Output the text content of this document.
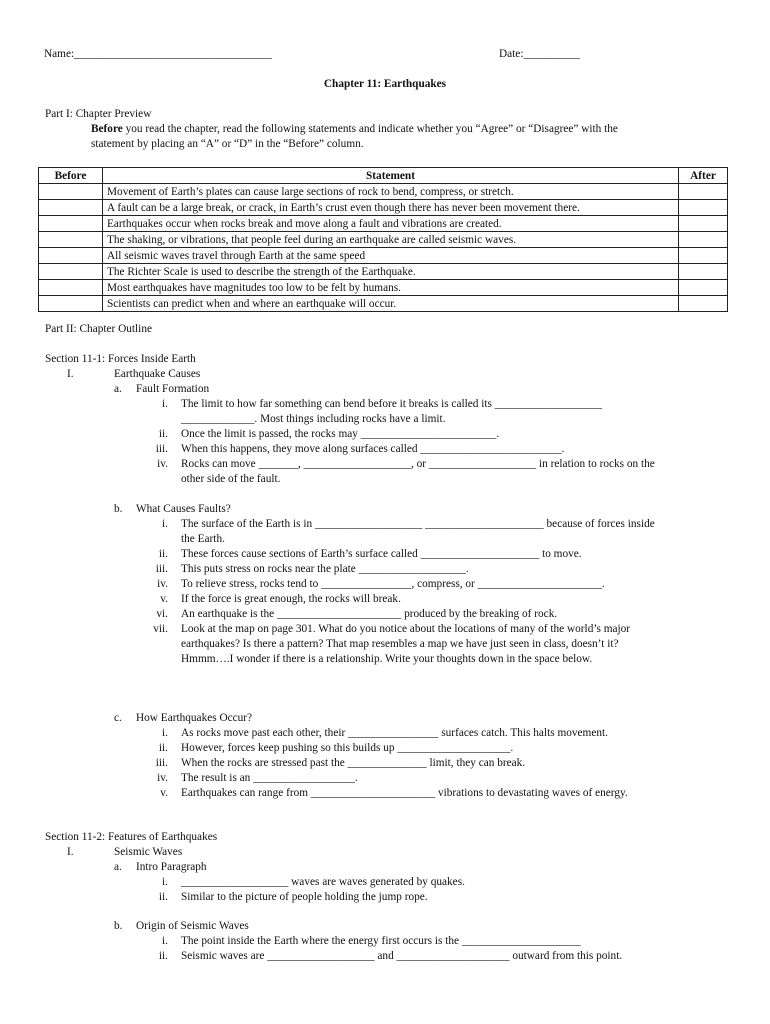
Name:___________________________________	Date:__________
Chapter 11: Earthquakes
Part I: Chapter Preview
Before you read the chapter, read the following statements and indicate whether you “Agree” or “Disagree” with the
statement by placing an “A” or “D” in the “Before” column.
Before	Statement	After
	Movement of Earth’s plates can cause large sections of rock to bend, compress, or stretch.	
	A fault can be a large break, or crack, in Earth’s crust even though there has never been movement there.	
	Earthquakes occur when rocks break and move along a fault and vibrations are created.	
	The shaking, or vibrations, that people feel during an earthquake are called seismic waves.	
	All seismic waves travel through Earth at the same speed	
	The Richter Scale is used to describe the strength of the Earthquake.	
	Most earthquakes have magnitudes too low to be felt by humans.	
	Scientists can predict when and where an earthquake will occur.	
Part II: Chapter Outline
Section 11-1: Forces Inside Earth
I.	Earthquake Causes
a. Fault Formation
i. The limit to how far something can bend before it breaks is called its ___________________
_____________. Most things including rocks have a limit.
ii. Once the limit is passed, the rocks may ________________________.
iii. When this happens, they move along surfaces called _________________________.
iv. Rocks can move _______, ___________________, or ___________________ in relation to rocks on the
other side of the fault.
b. What Causes Faults?
i. The surface of the Earth is in ___________________ _____________________ because of forces inside
the Earth.
ii. These forces cause sections of Earth’s surface called _____________________ to move.
iii. This puts stress on rocks near the plate ___________________.
iv. To relieve stress, rocks tend to ________________, compress, or ______________________.
v. If the force is great enough, the rocks will break.
vi. An earthquake is the ______________________ produced by the breaking of rock.
vii. Look at the map on page 301. What do you notice about the locations of many of the world’s major
earthquakes? Is there a pattern? That map resembles a map we have just seen in class, doesn’t it?
Hmmm….I wonder if there is a relationship. Write your thoughts down in the space below.
c. How Earthquakes Occur?
i. As rocks move past each other, their ________________ surfaces catch. This halts movement.
ii. However, forces keep pushing so this builds up ____________________.
iii. When the rocks are stressed past the ______________ limit, they can break.
iv. The result is an __________________.
v. Earthquakes can range from ______________________ vibrations to devastating waves of energy.
Section 11-2: Features of Earthquakes
I.	Seismic Waves
a. Intro Paragraph
i. ___________________ waves are waves generated by quakes.
ii. Similar to the picture of people holding the jump rope.
b. Origin of Seismic Waves
i. The point inside the Earth where the energy first occurs is the _____________________
ii. Seismic waves are ___________________ and ____________________ outward from this point.
